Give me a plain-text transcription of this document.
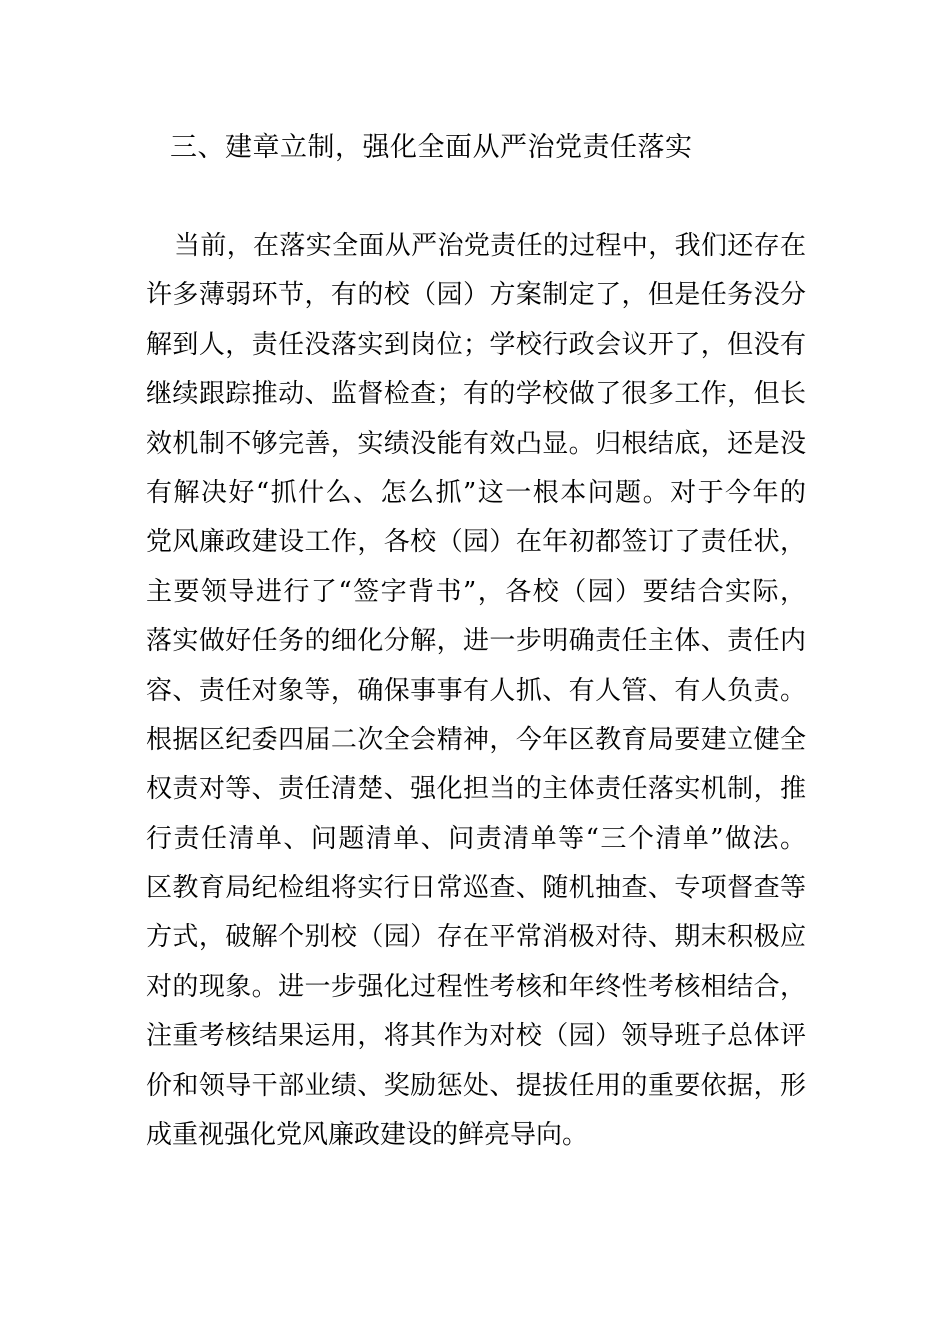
三、建章立制，强化全面从严治党责任落实
当前，在落实全面从严治党责任的过程中，我们还存在
许多薄弱环节，有的校（园）方案制定了，但是任务没分
解到人，责任没落实到岗位；学校行政会议开了，但没有
继续跟踪推动、监督检查；有的学校做了很多工作，但长
效机制不够完善，实绩没能有效凸显。归根结底，还是没
有解决好“抓什么、怎么抓”这一根本问题。对于今年的
党风廉政建设工作，各校（园）在年初都签订了责任状，
主要领导进行了“签字背书”，各校（园）要结合实际，
落实做好任务的细化分解，进一步明确责任主体、责任内
容、责任对象等，确保事事有人抓、有人管、有人负责。
根据区纪委四届二次全会精神，今年区教育局要建立健全
权责对等、责任清楚、强化担当的主体责任落实机制，推
行责任清单、问题清单、问责清单等“三个清单”做法。
区教育局纪检组将实行日常巡查、随机抽查、专项督查等
方式，破解个别校（园）存在平常消极对待、期末积极应
对的现象。进一步强化过程性考核和年终性考核相结合，
注重考核结果运用，将其作为对校（园）领导班子总体评
价和领导干部业绩、奖励惩处、提拔任用的重要依据，形
成重视强化党风廉政建设的鲜亮导向。
